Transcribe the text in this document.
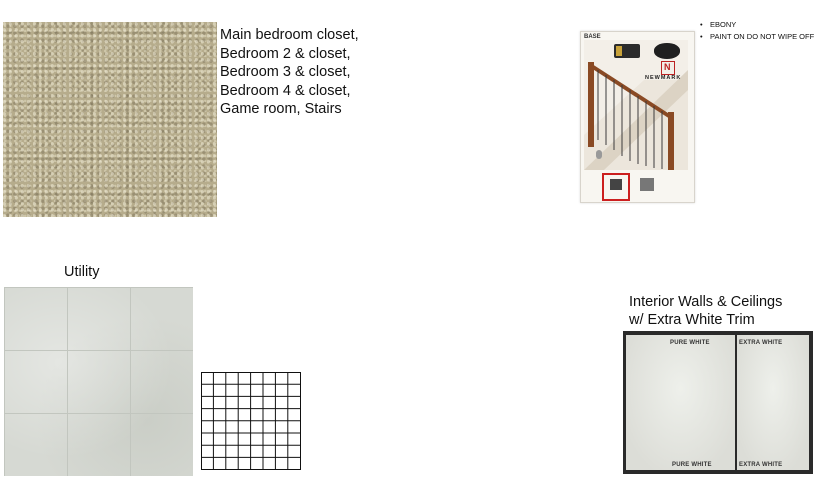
Main bedroom closet,
Bedroom 2 & closet,
Bedroom 3 & closet,
Bedroom 4 & closet,
Game room, Stairs
BASE
N
NEWMARK
• EBONY
• PAINT ON DO NOT WIPE OFF
Utility
Interior Walls & Ceilings
w/ Extra White Trim
PURE WHITE
PURE WHITE
EXTRA WHITE
EXTRA WHITE
